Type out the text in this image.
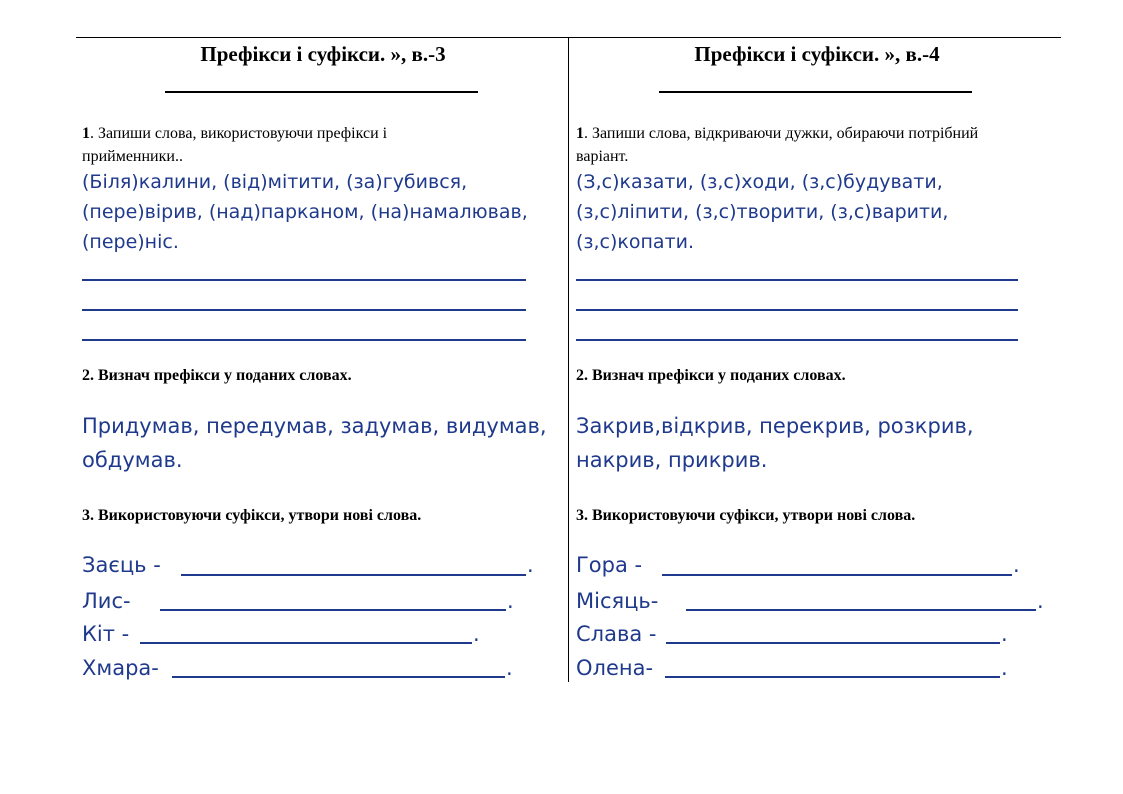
Префікси і суфікси. », в.-3
1. Запиши слова, використовуючи префікси і
прийменники..
(Біля)калини, (від)мітити, (за)губився,
(пере)вірив, (над)парканом, (на)намалював,
(пере)ніс.
2. Визнач префікси у поданих словах.
Придумав, передумав, задумав, видумав,
обдумав.
3. Використовуючи суфікси, утвори нові слова.
Заєць -	.
Лис-	.
Кіт -	.
Хмара-	.
Префікси і суфікси. », в.-4
1. Запиши слова, відкриваючи дужки, обираючи потрібний
варіант.
(З,с)казати, (з,с)ходи, (з,с)будувати,
(з,с)ліпити, (з,с)творити, (з,с)варити,
(з,с)копати.
2. Визнач префікси у поданих словах.
Закрив,відкрив, перекрив, розкрив,
накрив, прикрив.
3. Використовуючи суфікси, утвори нові слова.
Гора -	.
Місяць-	.
Слава -	.
Олена-	.
